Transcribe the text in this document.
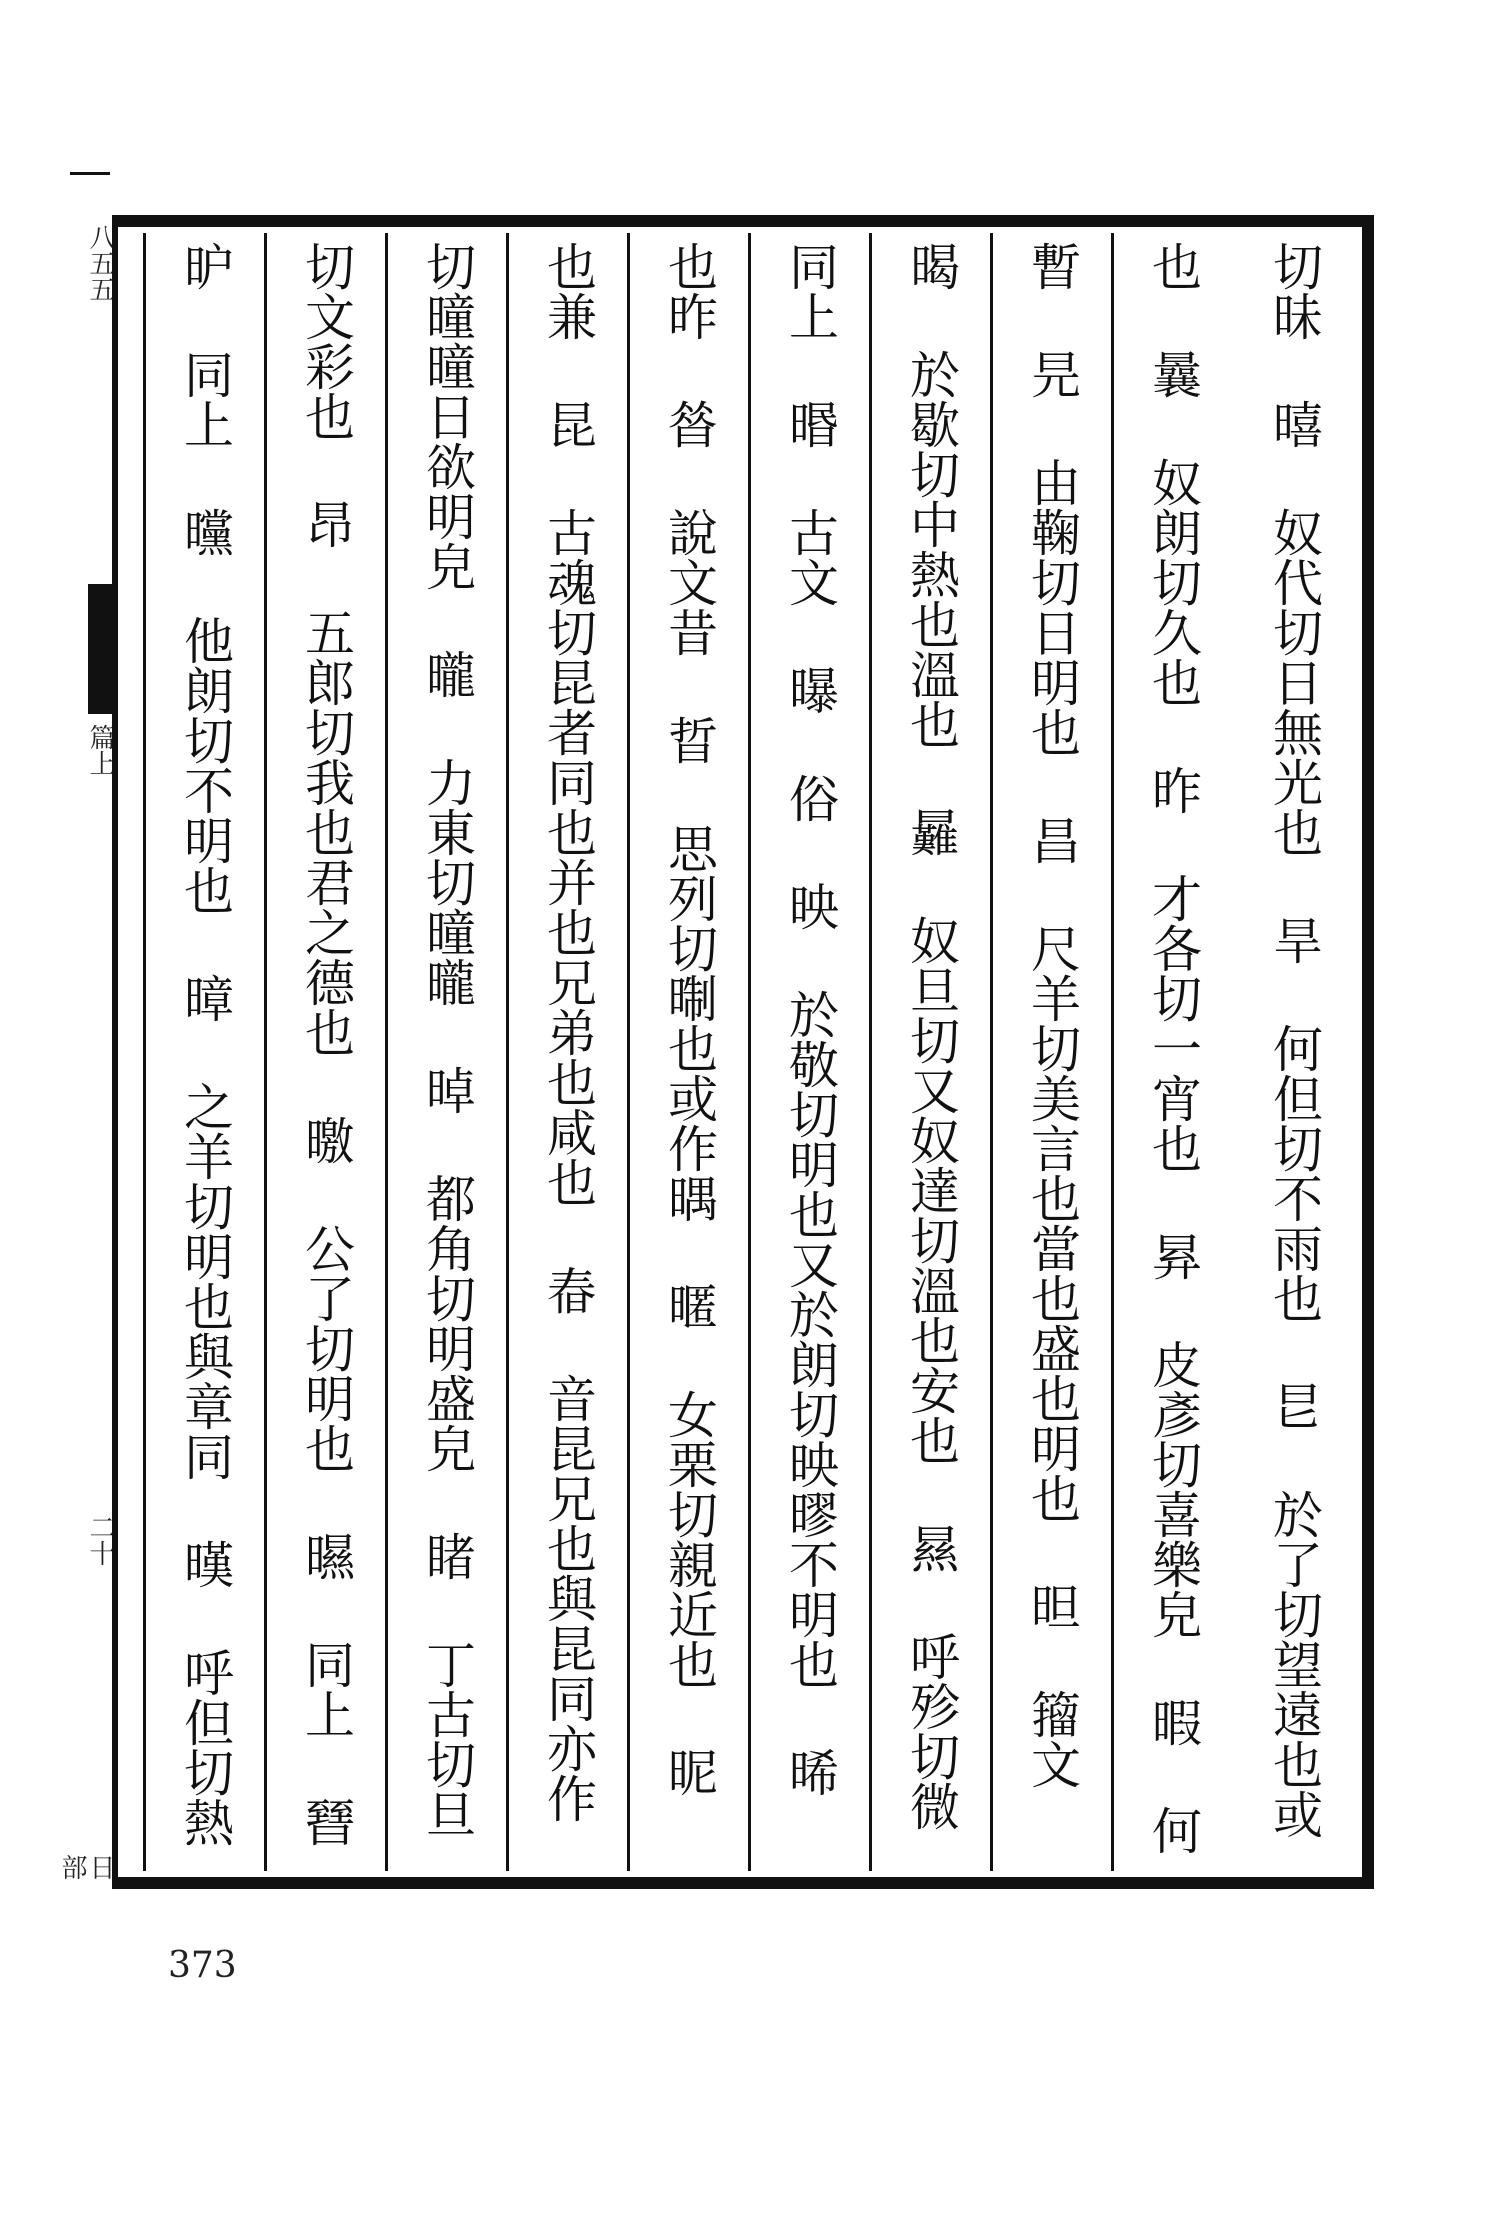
八五五
篇上
二十
日部
切昧 暿 奴代切日無光也 旱 何但切不雨也 㫐 於了切望遠也或
也 曩 奴朗切久也 昨 才各切一宵也 昪 皮彥切喜樂皃 暇 何
暫 㫕 由鞠切日明也 昌 尺羊切美言也當也盛也明也 㫜 籀文
暍 於歇切中熱也溫也 㬮 奴旦切又奴達切溫也安也 㬎 呼殄切微
同上 㬆 古文 曝 俗 映 於敬切明也又於朗切映㬔不明也 晞
也昨 㫺 說文昔 晢 思列切㫼也或作㬂 暱 女栗切親近也 昵
也兼 昆 古魂切昆者同也并也兄弟也咸也 㫪 音昆兄也與昆同亦作
切曈曈日欲明皃 曨 力東切曈曨 晫 都角切明盛皃 睹 丁古切旦
切文彩也 昂 五郎切我也君之德也 曒 公了切明也 㬤 同上 㬜
昈 同上 曭 他朗切不明也 暲 之羊切明也與章同 暵 呼但切熱
373
